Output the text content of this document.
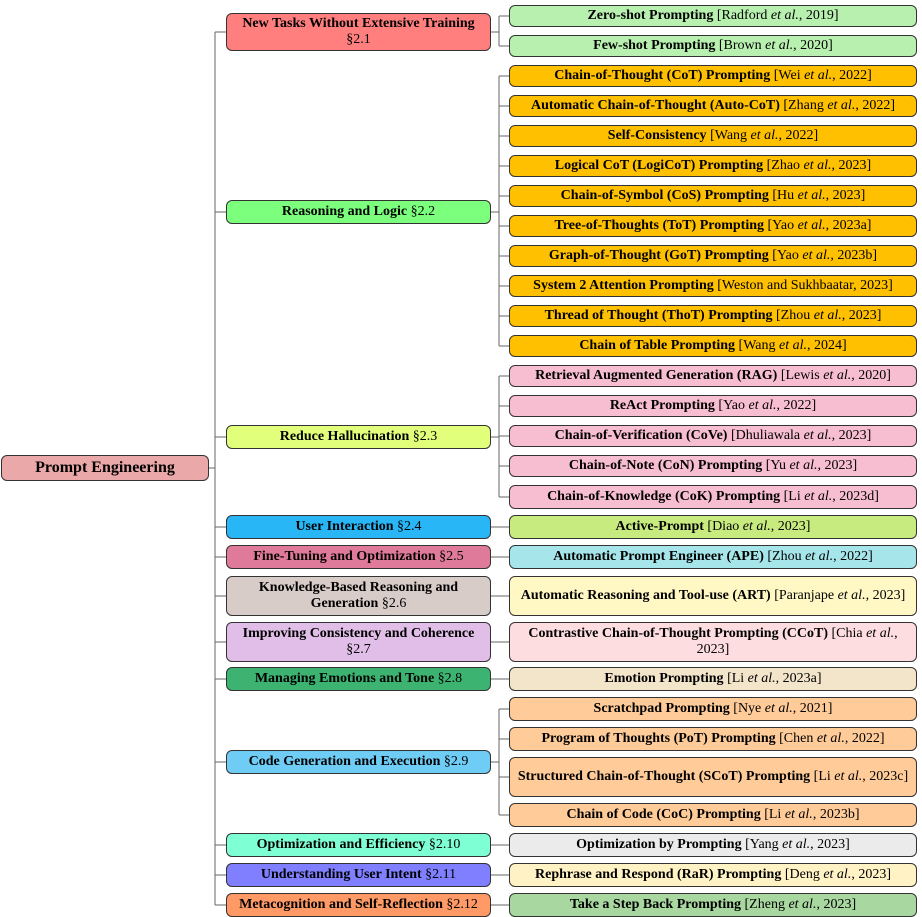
Prompt Engineering
New Tasks Without Extensive Training §2.1
Zero-shot Prompting [Radford et al., 2019]
Few-shot Prompting [Brown et al., 2020]
Reasoning and Logic §2.2
Chain-of-Thought (CoT) Prompting [Wei et al., 2022]
Automatic Chain-of-Thought (Auto-CoT) [Zhang et al., 2022]
Self-Consistency [Wang et al., 2022]
Logical CoT (LogiCoT) Prompting [Zhao et al., 2023]
Chain-of-Symbol (CoS) Prompting [Hu et al., 2023]
Tree-of-Thoughts (ToT) Prompting [Yao et al., 2023a]
Graph-of-Thought (GoT) Prompting [Yao et al., 2023b]
System 2 Attention Prompting [Weston and Sukhbaatar, 2023]
Thread of Thought (ThoT) Prompting [Zhou et al., 2023]
Chain of Table Prompting [Wang et al., 2024]
Reduce Hallucination §2.3
Retrieval Augmented Generation (RAG) [Lewis et al., 2020]
ReAct Prompting [Yao et al., 2022]
Chain-of-Verification (CoVe) [Dhuliawala et al., 2023]
Chain-of-Note (CoN) Prompting [Yu et al., 2023]
Chain-of-Knowledge (CoK) Prompting [Li et al., 2023d]
User Interaction §2.4	Active-Prompt [Diao et al., 2023]
Fine-Tuning and Optimization §2.5	Automatic Prompt Engineer (APE) [Zhou et al., 2022]
Knowledge-Based Reasoning and Generation §2.6
Automatic Reasoning and Tool-use (ART) [Paranjape et al., 2023]
Improving Consistency and Coherence §2.7
Contrastive Chain-of-Thought Prompting (CCoT) [Chia et al., 2023]
Managing Emotions and Tone §2.8	Emotion Prompting [Li et al., 2023a]
Code Generation and Execution §2.9
Scratchpad Prompting [Nye et al., 2021]
Program of Thoughts (PoT) Prompting [Chen et al., 2022]
Structured Chain-of-Thought (SCoT) Prompting [Li et al., 2023c]
Chain of Code (CoC) Prompting [Li et al., 2023b]
Optimization and Efficiency §2.10	Optimization by Prompting [Yang et al., 2023]
Understanding User Intent §2.11	Rephrase and Respond (RaR) Prompting [Deng et al., 2023]
Metacognition and Self-Reflection §2.12	Take a Step Back Prompting [Zheng et al., 2023]
